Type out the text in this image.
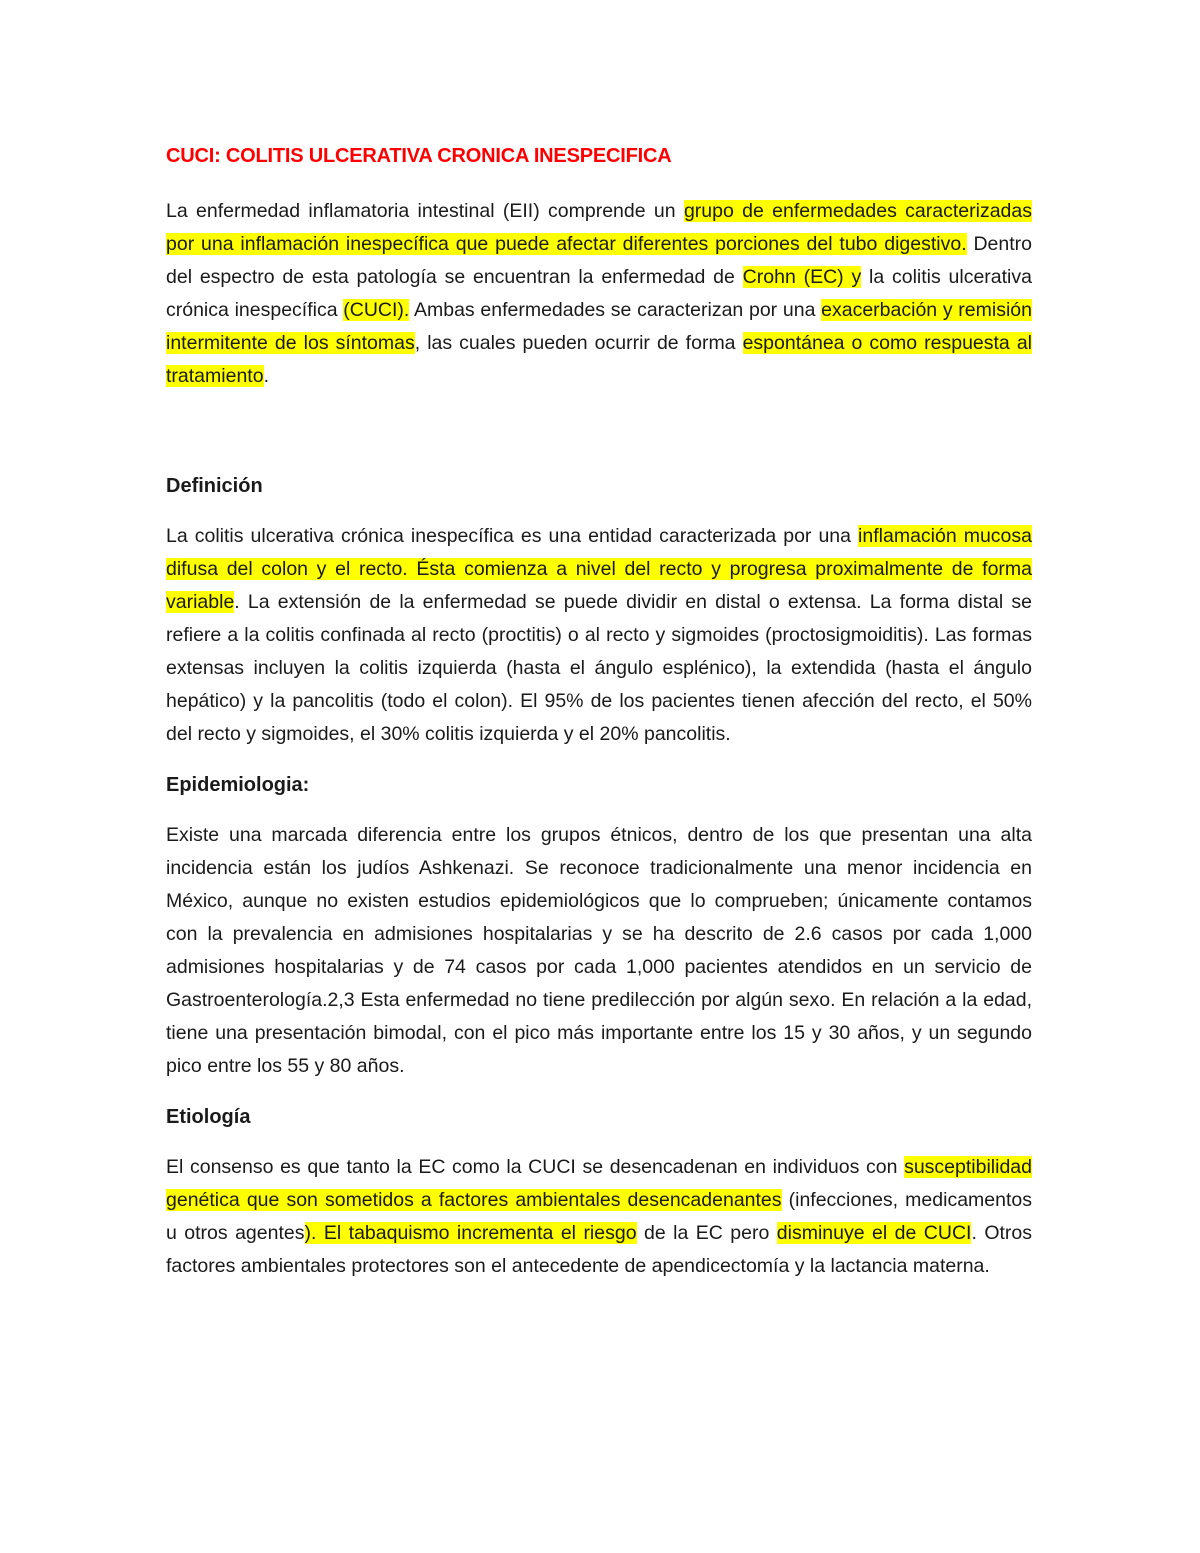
CUCI: COLITIS ULCERATIVA CRONICA INESPECIFICA

La enfermedad inflamatoria intestinal (EII) comprende un grupo de enfermedades caracterizadas por una inflamación inespecífica que puede afectar diferentes porciones del tubo digestivo. Dentro del espectro de esta patología se encuentran la enfermedad de Crohn (EC) y la colitis ulcerativa crónica inespecífica (CUCI). Ambas enfermedades se caracterizan por una exacerbación y remisión intermitente de los síntomas, las cuales pueden ocurrir de forma espontánea o como respuesta al tratamiento.

Definición

La colitis ulcerativa crónica inespecífica es una entidad caracterizada por una inflamación mucosa difusa del colon y el recto. Ésta comienza a nivel del recto y progresa proximalmente de forma variable. La extensión de la enfermedad se puede dividir en distal o extensa. La forma distal se refiere a la colitis confinada al recto (proctitis) o al recto y sigmoides (proctosigmoiditis). Las formas extensas incluyen la colitis izquierda (hasta el ángulo esplénico), la extendida (hasta el ángulo hepático) y la pancolitis (todo el colon). El 95% de los pacientes tienen afección del recto, el 50% del recto y sigmoides, el 30% colitis izquierda y el 20% pancolitis.

Epidemiologia:

Existe una marcada diferencia entre los grupos étnicos, dentro de los que presentan una alta incidencia están los judíos Ashkenazi. Se reconoce tradicionalmente una menor incidencia en México, aunque no existen estudios epidemiológicos que lo comprueben; únicamente contamos con la prevalencia en admisiones hospitalarias y se ha descrito de 2.6 casos por cada 1,000 admisiones hospitalarias y de 74 casos por cada 1,000 pacientes atendidos en un servicio de Gastroenterología.2,3 Esta enfermedad no tiene predilección por algún sexo. En relación a la edad, tiene una presentación bimodal, con el pico más importante entre los 15 y 30 años, y un segundo pico entre los 55 y 80 años.

Etiología

El consenso es que tanto la EC como la CUCI se desencadenan en individuos con susceptibilidad genética que son sometidos a factores ambientales desencadenantes (infecciones, medicamentos u otros agentes). El tabaquismo incrementa el riesgo de la EC pero disminuye el de CUCI. Otros factores ambientales protectores son el antecedente de apendicectomía y la lactancia materna.
